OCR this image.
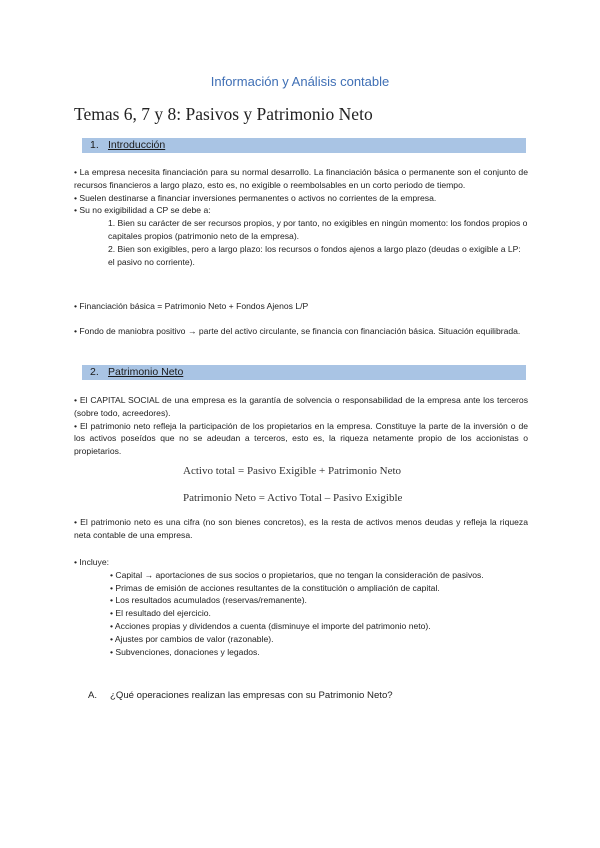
Información y Análisis contable
Temas 6, 7 y 8: Pasivos y Patrimonio Neto
1. Introducción

• La empresa necesita financiación para su normal desarrollo. La financiación básica o permanente son el conjunto de recursos financieros a largo plazo, esto es, no exigible o reembolsables en un corto periodo de tiempo.

• Suelen destinarse a financiar inversiones permanentes o activos no corrientes de la empresa.

• Su no exigibilidad a CP se debe a:

1. Bien su carácter de ser recursos propios, y por tanto, no exigibles en ningún momento: los fondos propios o capitales propios (patrimonio neto de la empresa).

2. Bien son exigibles, pero a largo plazo: los recursos o fondos ajenos a largo plazo (deudas o exigible a LP: el pasivo no corriente).

• Financiación básica = Patrimonio Neto + Fondos Ajenos L/P

• Fondo de maniobra positivo → parte del activo circulante, se financia con financiación básica. Situación equilibrada.

2. Patrimonio Neto

• El CAPITAL SOCIAL de una empresa es la garantía de solvencia o responsabilidad de la empresa ante los terceros (sobre todo, acreedores).

• El patrimonio neto refleja la participación de los propietarios en la empresa. Constituye la parte de la inversión o de los activos poseídos que no se adeudan a terceros, esto es, la riqueza netamente propio de los accionistas o propietarios.

Activo total = Pasivo Exigible + Patrimonio Neto
Patrimonio Neto = Activo Total – Pasivo Exigible

• El patrimonio neto es una cifra (no son bienes concretos), es la resta de activos menos deudas y refleja la riqueza neta contable de una empresa.

• Incluye:

• Capital → aportaciones de sus socios o propietarios, que no tengan la consideración de pasivos.

• Primas de emisión de acciones resultantes de la constitución o ampliación de capital.

• Los resultados acumulados (reservas/remanente).

• El resultado del ejercicio.

• Acciones propias y dividendos a cuenta (disminuye el importe del patrimonio neto).

• Ajustes por cambios de valor (razonable).

• Subvenciones, donaciones y legados.

A. ¿Qué operaciones realizan las empresas con su Patrimonio Neto?
